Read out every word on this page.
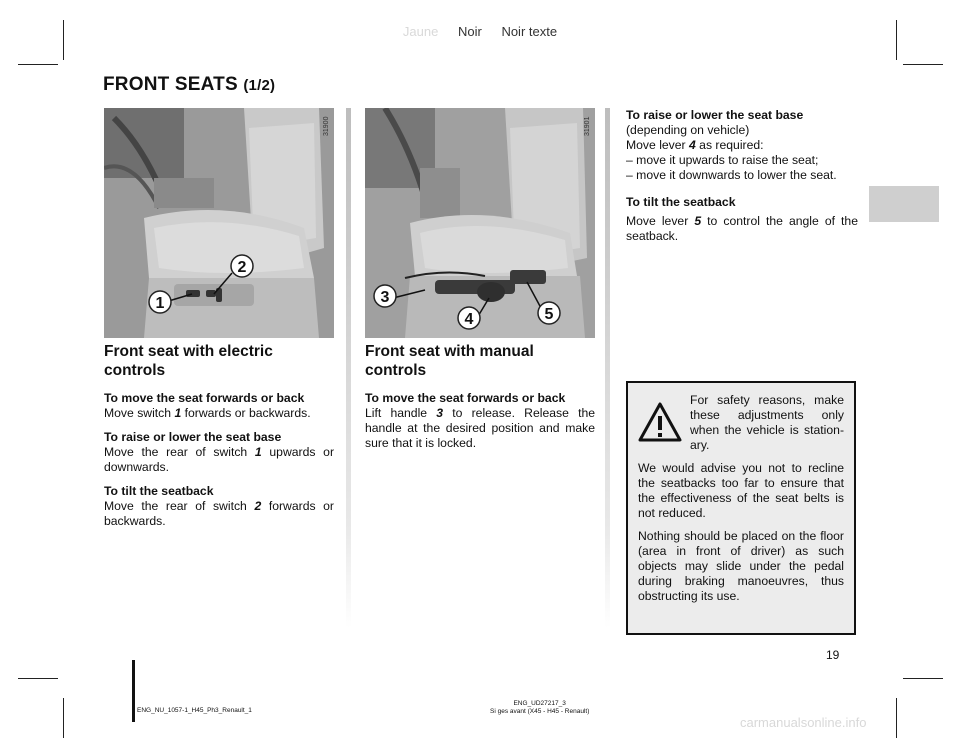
Jaune Noir Noir texte
FRONT SEATS (1/2)
1
2
31900
3
4	5
31901
Front seat with electric controls

To move the seat forwards or back
Move switch 1 forwards or backwards.

To raise or lower the seat base
Move the rear of switch 1 upwards or downwards.

To tilt the seatback
Move the rear of switch 2 forwards or backwards.

Front seat with manual controls

To move the seat forwards or back
Lift handle 3 to release. Release the handle at the desired position and make sure that it is locked.

To raise or lower the seat base
(depending on vehicle)
Move lever 4 as required:
– move it upwards to raise the seat;
– move it downwards to lower the seat.

To tilt the seatback

Move lever 5 to control the angle of the seatback.

For safety reasons, make these adjustments only when the vehicle is station-ary.

We would advise you not to recline the seatbacks too far to ensure that the effectiveness of the seat belts is not reduced.

Nothing should be placed on the floor (area in front of driver) as such objects may slide under the pedal during braking manoeuvres, thus obstructing its use.

19
ENG_NU_1057-1_H45_Ph3_Renault_1
ENG_UD27217_3
Si ges avant (X45 - H45 - Renault)
carmanualsonline.info
